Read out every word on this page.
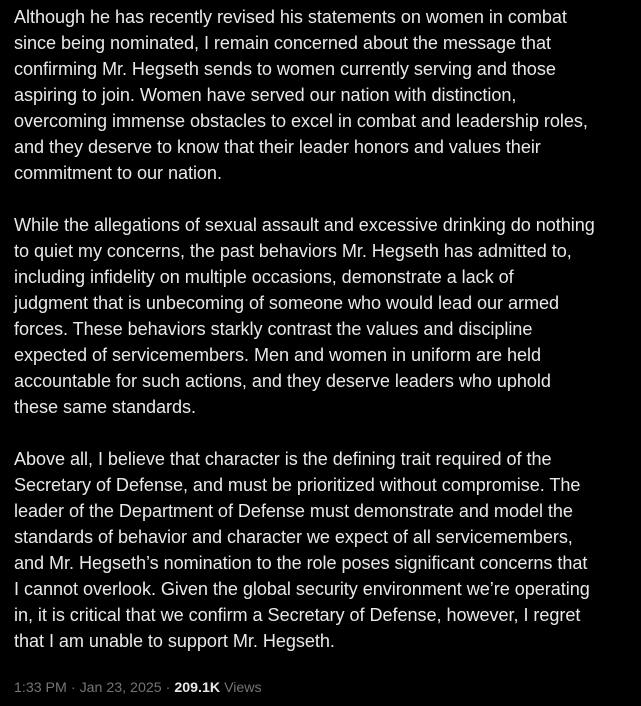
Although he has recently revised his statements on women in combat
since being nominated, I remain concerned about the message that
confirming Mr. Hegseth sends to women currently serving and those
aspiring to join. Women have served our nation with distinction,
overcoming immense obstacles to excel in combat and leadership roles,
and they deserve to know that their leader honors and values their
commitment to our nation.

While the allegations of sexual assault and excessive drinking do nothing
to quiet my concerns, the past behaviors Mr. Hegseth has admitted to,
including infidelity on multiple occasions, demonstrate a lack of
judgment that is unbecoming of someone who would lead our armed
forces. These behaviors starkly contrast the values and discipline
expected of servicemembers. Men and women in uniform are held
accountable for such actions, and they deserve leaders who uphold
these same standards.

Above all, I believe that character is the defining trait required of the
Secretary of Defense, and must be prioritized without compromise. The
leader of the Department of Defense must demonstrate and model the
standards of behavior and character we expect of all servicemembers,
and Mr. Hegseth’s nomination to the role poses significant concerns that
I cannot overlook. Given the global security environment we’re operating
in, it is critical that we confirm a Secretary of Defense, however, I regret
that I am unable to support Mr. Hegseth.

1:33 PM · Jan 23, 2025 · 209.1K Views
